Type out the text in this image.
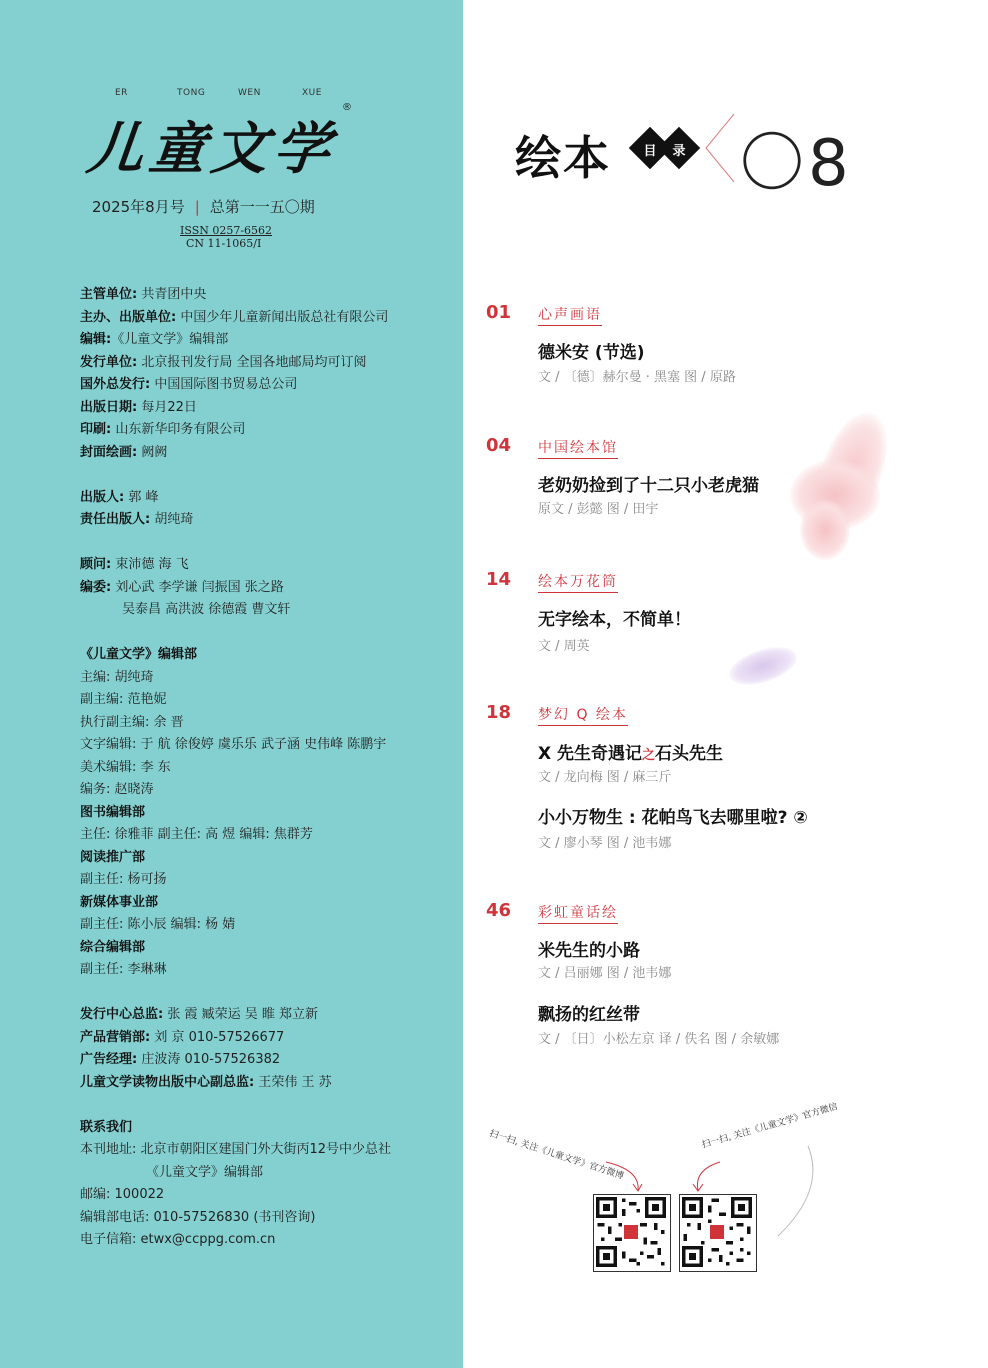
ER	TONG	WEN	XUE
儿童文学
®
2025年8月号 | 总第一一五〇期
ISSN 0257-6562
CN 11-1065/I
主管单位: 共青团中央
主办、出版单位: 中国少年儿童新闻出版总社有限公司
编辑:《儿童文学》编辑部
发行单位: 北京报刊发行局 全国各地邮局均可订阅
国外总发行: 中国国际图书贸易总公司
出版日期: 每月22日
印刷: 山东新华印务有限公司
封面绘画: 阙阙
出版人: 郭 峰
责任出版人: 胡纯琦
顾问: 束沛德 海 飞
编委: 刘心武 李学谦 闫振国 张之路
吴泰昌 高洪波 徐德霞 曹文轩
《儿童文学》编辑部
主编: 胡纯琦
副主编: 范艳妮
执行副主编: 余 晋
文字编辑: 于 航 徐俊婷 虞乐乐 武子涵 史伟峰 陈鹏宇
美术编辑: 李 东
编务: 赵晓涛
图书编辑部
主任: 徐雅菲 副主任: 高 煜 编辑: 焦群芳
阅读推广部
副主任: 杨可扬
新媒体事业部
副主任: 陈小辰 编辑: 杨 婧
综合编辑部
副主任: 李琳琳
发行中心总监: 张 霞 臧荣运 吴 睢 郑立新
产品营销部: 刘 京 010-57526677
广告经理: 庄波涛 010-57526382
儿童文学读物出版中心副总监: 王荣伟 王 苏
联系我们
本刊地址: 北京市朝阳区建国门外大街丙12号中少总社
《儿童文学》编辑部
邮编: 100022
编辑部电话: 010-57526830 (书刊咨询)
电子信箱: etwx@ccppg.com.cn
绘本	目	录 〇8
01 心声画语
德米安 (节选)
文 / 〔德〕赫尔曼 · 黑塞 图 / 原路
04 中国绘本馆
老奶奶捡到了十二只小老虎猫
原文 / 彭懿 图 / 田宇
14 绘本万花筒
无字绘本，不简单！
文 / 周英
18 梦幻 Q 绘本
X 先生奇遇记之石头先生
文 / 龙向梅 图 / 麻三斤
小小万物生 : 花帕鸟飞去哪里啦? ②
文 / 廖小琴 图 / 池韦娜
46 彩虹童话绘
米先生的小路
文 / 吕丽娜 图 / 池韦娜
飘扬的红丝带
文 / 〔日〕小松左京 译 / 佚名 图 / 余敏娜
扫一扫, 关注《儿童文学》官方微博
扫一扫, 关注《儿童文学》官方微信
